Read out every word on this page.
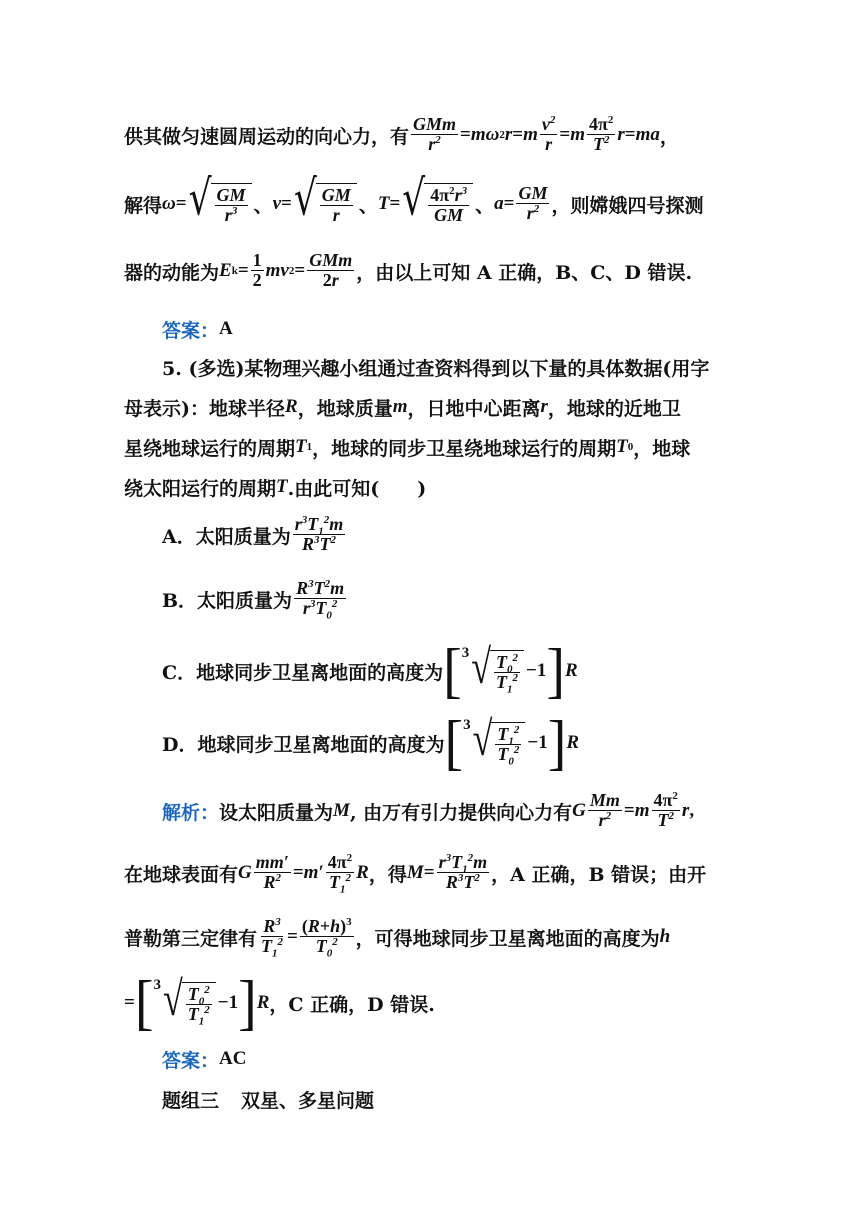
供其做匀速圆周运动的向心力，有 $\frac{\text{GMm}}{r^2} = m\omega$ 2 r = m $\frac{v^2}{r} = m \frac{4\pi^2}{T^2}$ r = ma ，
解得 ω = √ $\frac{GM}{r^3}$ 、 v = √ $\frac{GM}{r}$ 、 T = √ $\frac{4\pi^2r^3}{GM}$ 、 $a = \frac{GM}{r^2}$ ，则嫦娥四号探测
器的动能为 E $k = \frac{1}{2}$ mv $2 = \frac{\text{GMm}}{2r}$ ，由以上可知 A 正确，B、C、D 错误.
答案： A
5. (多选)某物理兴趣小组通过查资料得到以下量的具体数据(用字
母表示)：地球半径 R ，地球质量 m ，日地中心距离 r ，地球的近地卫
星绕地球运行的周期 T 1 ，地球的同步卫星绕地球运行的周期 T 0 ，地球
绕太阳运行的周期 T .由此可知(　　)
A．太阳质量为 $\frac{r^3T_1^2m}{R^3T^2}$
B．太阳质量为 $\frac{R^3T^2m}{r^3T_0^2}$
C．地球同步卫星离地面的高度为 [ 3 √ $\frac{T_0^2}{T_1^2} -1$ ] R
D．地球同步卫星离地面的高度为 [ 3 √ $\frac{T_1^2}{T_0^2} -1$ ] R
解析： 设太阳质量为 M , 由万有引力提供向心力有 G $\frac{Mm}{r^2} = m \frac{4\pi^2}{T^2}$ r ,
在地球表面有 G $\frac{mm'}{R^2} = m' \frac{4\pi^2}{T_1^2}$ R ，得 $M = \frac{r^3T_1^2m}{R^3T^2}$ ，A 正确，B 错误；由开
普勒第三定律有 $\frac{R^3}{T_1^2} = \frac{(R+h)^3}{T_0^2}$ ，可得地球同步卫星离地面的高度为 h
= [ 3 √ $\frac{T_0^2}{T_1^2} -1$ ] R ，C 正确，D 错误.
答案： AC
题组三 双星、多星问题
